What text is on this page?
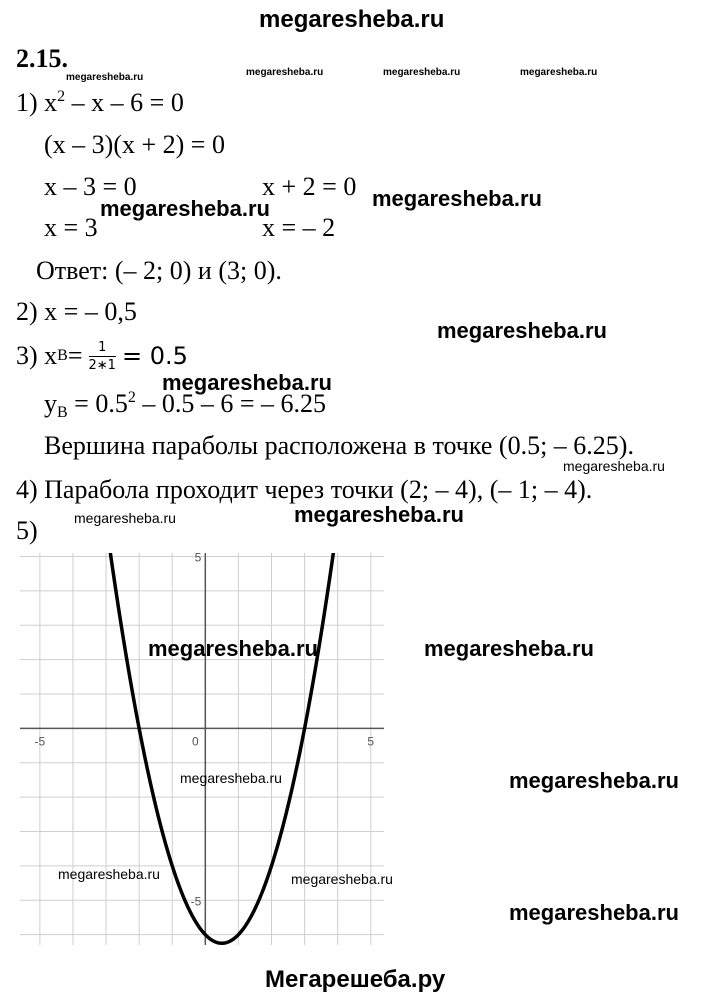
megaresheba.ru
2.15.
megaresheba.ru	megaresheba.ru	megaresheba.ru	megaresheba.ru
1) $x^2 - x - 6 = 0$
(x – 3)(x + 2) = 0
x – 3 = 0	x + 2 = 0
x = 3	x = – 2
megaresheba.ru	megaresheba.ru
Ответ: (– 2; 0) и (3; 0).
2) x = – 0,5
megaresheba.ru
3) x $B = \frac{1}{2∗1} = 0.5$
megaresheba.ru
$y_B = 0.5^2 - 0.5 - 6$ = – 6.25
Вершина параболы расположена в точке (0.5; – 6.25).
megaresheba.ru
4) Парабола проходит через точки (2; – 4), (– 1; – 4).
5)	megaresheba.ru	megaresheba.ru
-5	0	5
5
-5
megaresheba.ru	megaresheba.ru
megaresheba.ru	megaresheba.ru
megaresheba.ru	megaresheba.ru
megaresheba.ru
Мегарешеба.ру
